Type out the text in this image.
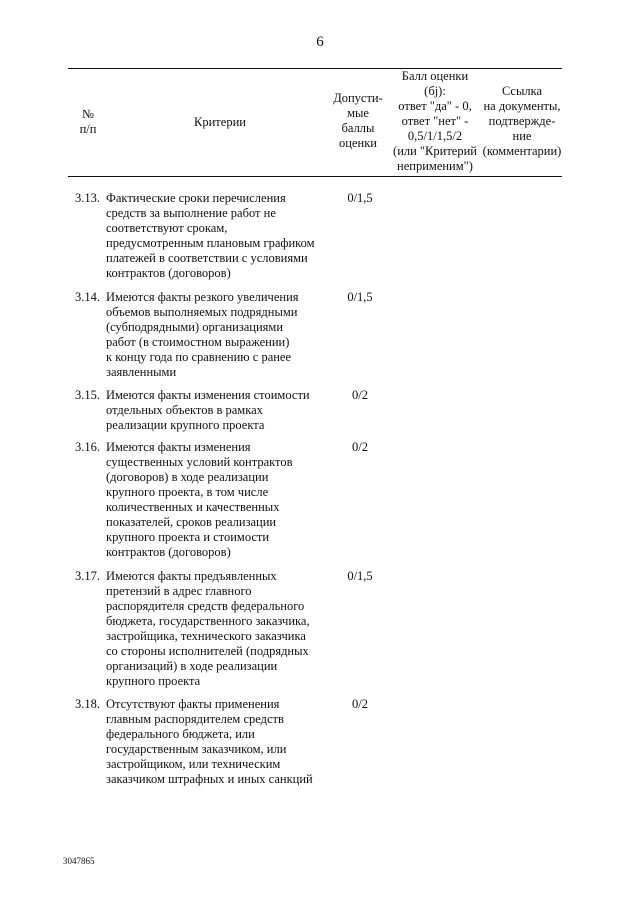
6
№
п/п	Критерии
Допусти-
мые
баллы
оценки
Балл оценки
(бj):
ответ "да" - 0,
ответ "нет" -
0,5/1/1,5/2
(или "Критерий
неприменим")
Ссылка
на документы,
подтвержде-
ние
(комментарии)
3.13. Фактические сроки перечисления
средств за выполнение работ не
соответствуют срокам,
предусмотренным плановым графиком
платежей в соответствии с условиями
контрактов (договоров)
0/1,5
3.14. Имеются факты резкого увеличения
объемов выполняемых подрядными
(субподрядными) организациями
работ (в стоимостном выражении)
к концу года по сравнению с ранее
заявленными
0/1,5
3.15. Имеются факты изменения стоимости
отдельных объектов в рамках
реализации крупного проекта
0/2
3.16. Имеются факты изменения
существенных условий контрактов
(договоров) в ходе реализации
крупного проекта, в том числе
количественных и качественных
показателей, сроков реализации
крупного проекта и стоимости
контрактов (договоров)
0/2
3.17. Имеются факты предъявленных
претензий в адрес главного
распорядителя средств федерального
бюджета, государственного заказчика,
застройщика, технического заказчика
со стороны исполнителей (подрядных
организаций) в ходе реализации
крупного проекта
0/1,5
3.18. Отсутствуют факты применения
главным распорядителем средств
федерального бюджета, или
государственным заказчиком, или
застройщиком, или техническим
заказчиком штрафных и иных санкций
0/2
3047865
